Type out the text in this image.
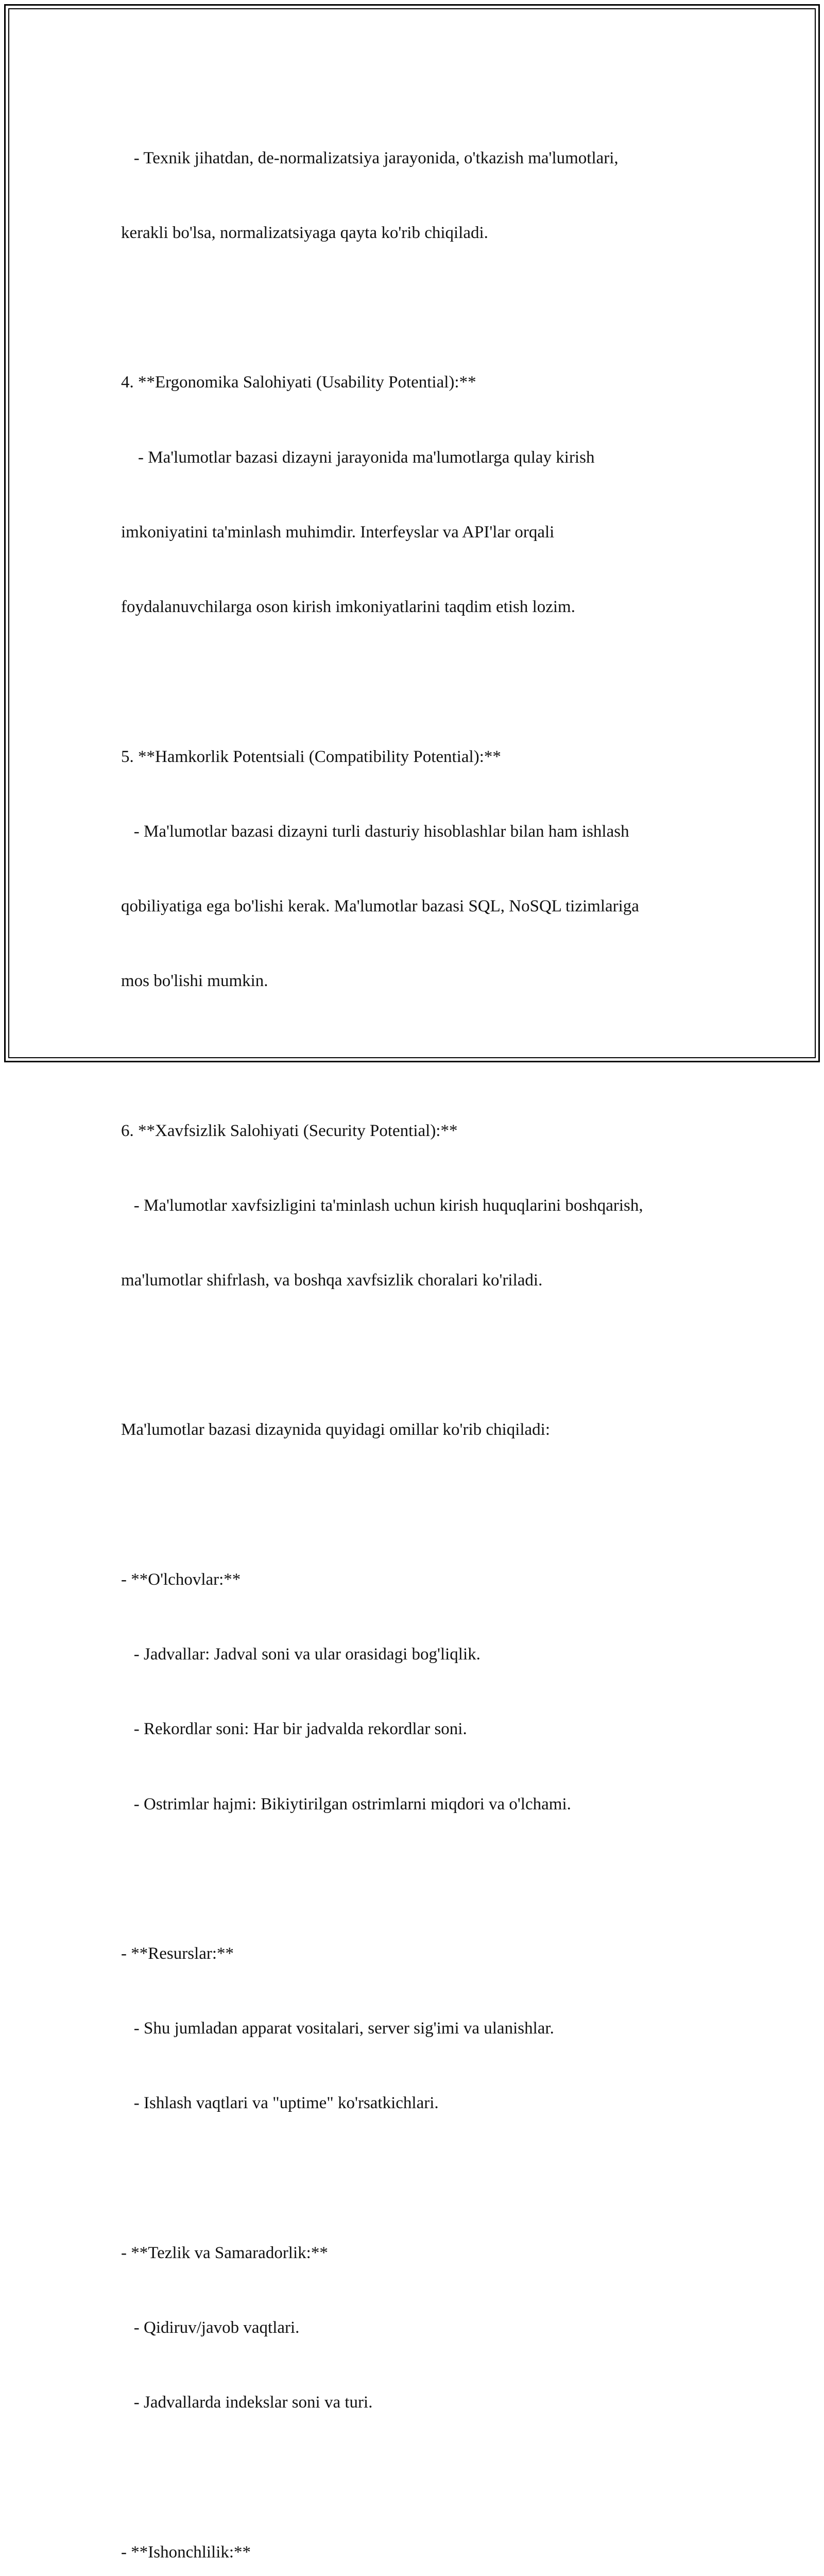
- Texnik jihatdan, de-normalizatsiya jarayonida, o'tkazish ma'lumotlari,

kerakli bo'lsa, normalizatsiyaga qayta ko'rib chiqiladi.

4. **Ergonomika Salohiyati (Usability Potential):**

- Ma'lumotlar bazasi dizayni jarayonida ma'lumotlarga qulay kirish

imkoniyatini ta'minlash muhimdir. Interfeyslar va API'lar orqali

foydalanuvchilarga oson kirish imkoniyatlarini taqdim etish lozim.

5. **Hamkorlik Potentsiali (Compatibility Potential):**

- Ma'lumotlar bazasi dizayni turli dasturiy hisoblashlar bilan ham ishlash

qobiliyatiga ega bo'lishi kerak. Ma'lumotlar bazasi SQL, NoSQL tizimlariga

mos bo'lishi mumkin.

6. **Xavfsizlik Salohiyati (Security Potential):**

- Ma'lumotlar xavfsizligini ta'minlash uchun kirish huquqlarini boshqarish,

ma'lumotlar shifrlash, va boshqa xavfsizlik choralari ko'riladi.

Ma'lumotlar bazasi dizaynida quyidagi omillar ko'rib chiqiladi:

- **O'lchovlar:**

- Jadvallar: Jadval soni va ular orasidagi bog'liqlik.

- Rekordlar soni: Har bir jadvalda rekordlar soni.

- Ostrimlar hajmi: Bikiytirilgan ostrimlarni miqdori va o'lchami.

- **Resurslar:**

- Shu jumladan apparat vositalari, server sig'imi va ulanishlar.

- Ishlash vaqtlari va "uptime" ko'rsatkichlari.

- **Tezlik va Samaradorlik:**

- Qidiruv/javob vaqtlari.

- Jadvallarda indekslar soni va turi.

- **Ishonchlilik:**
